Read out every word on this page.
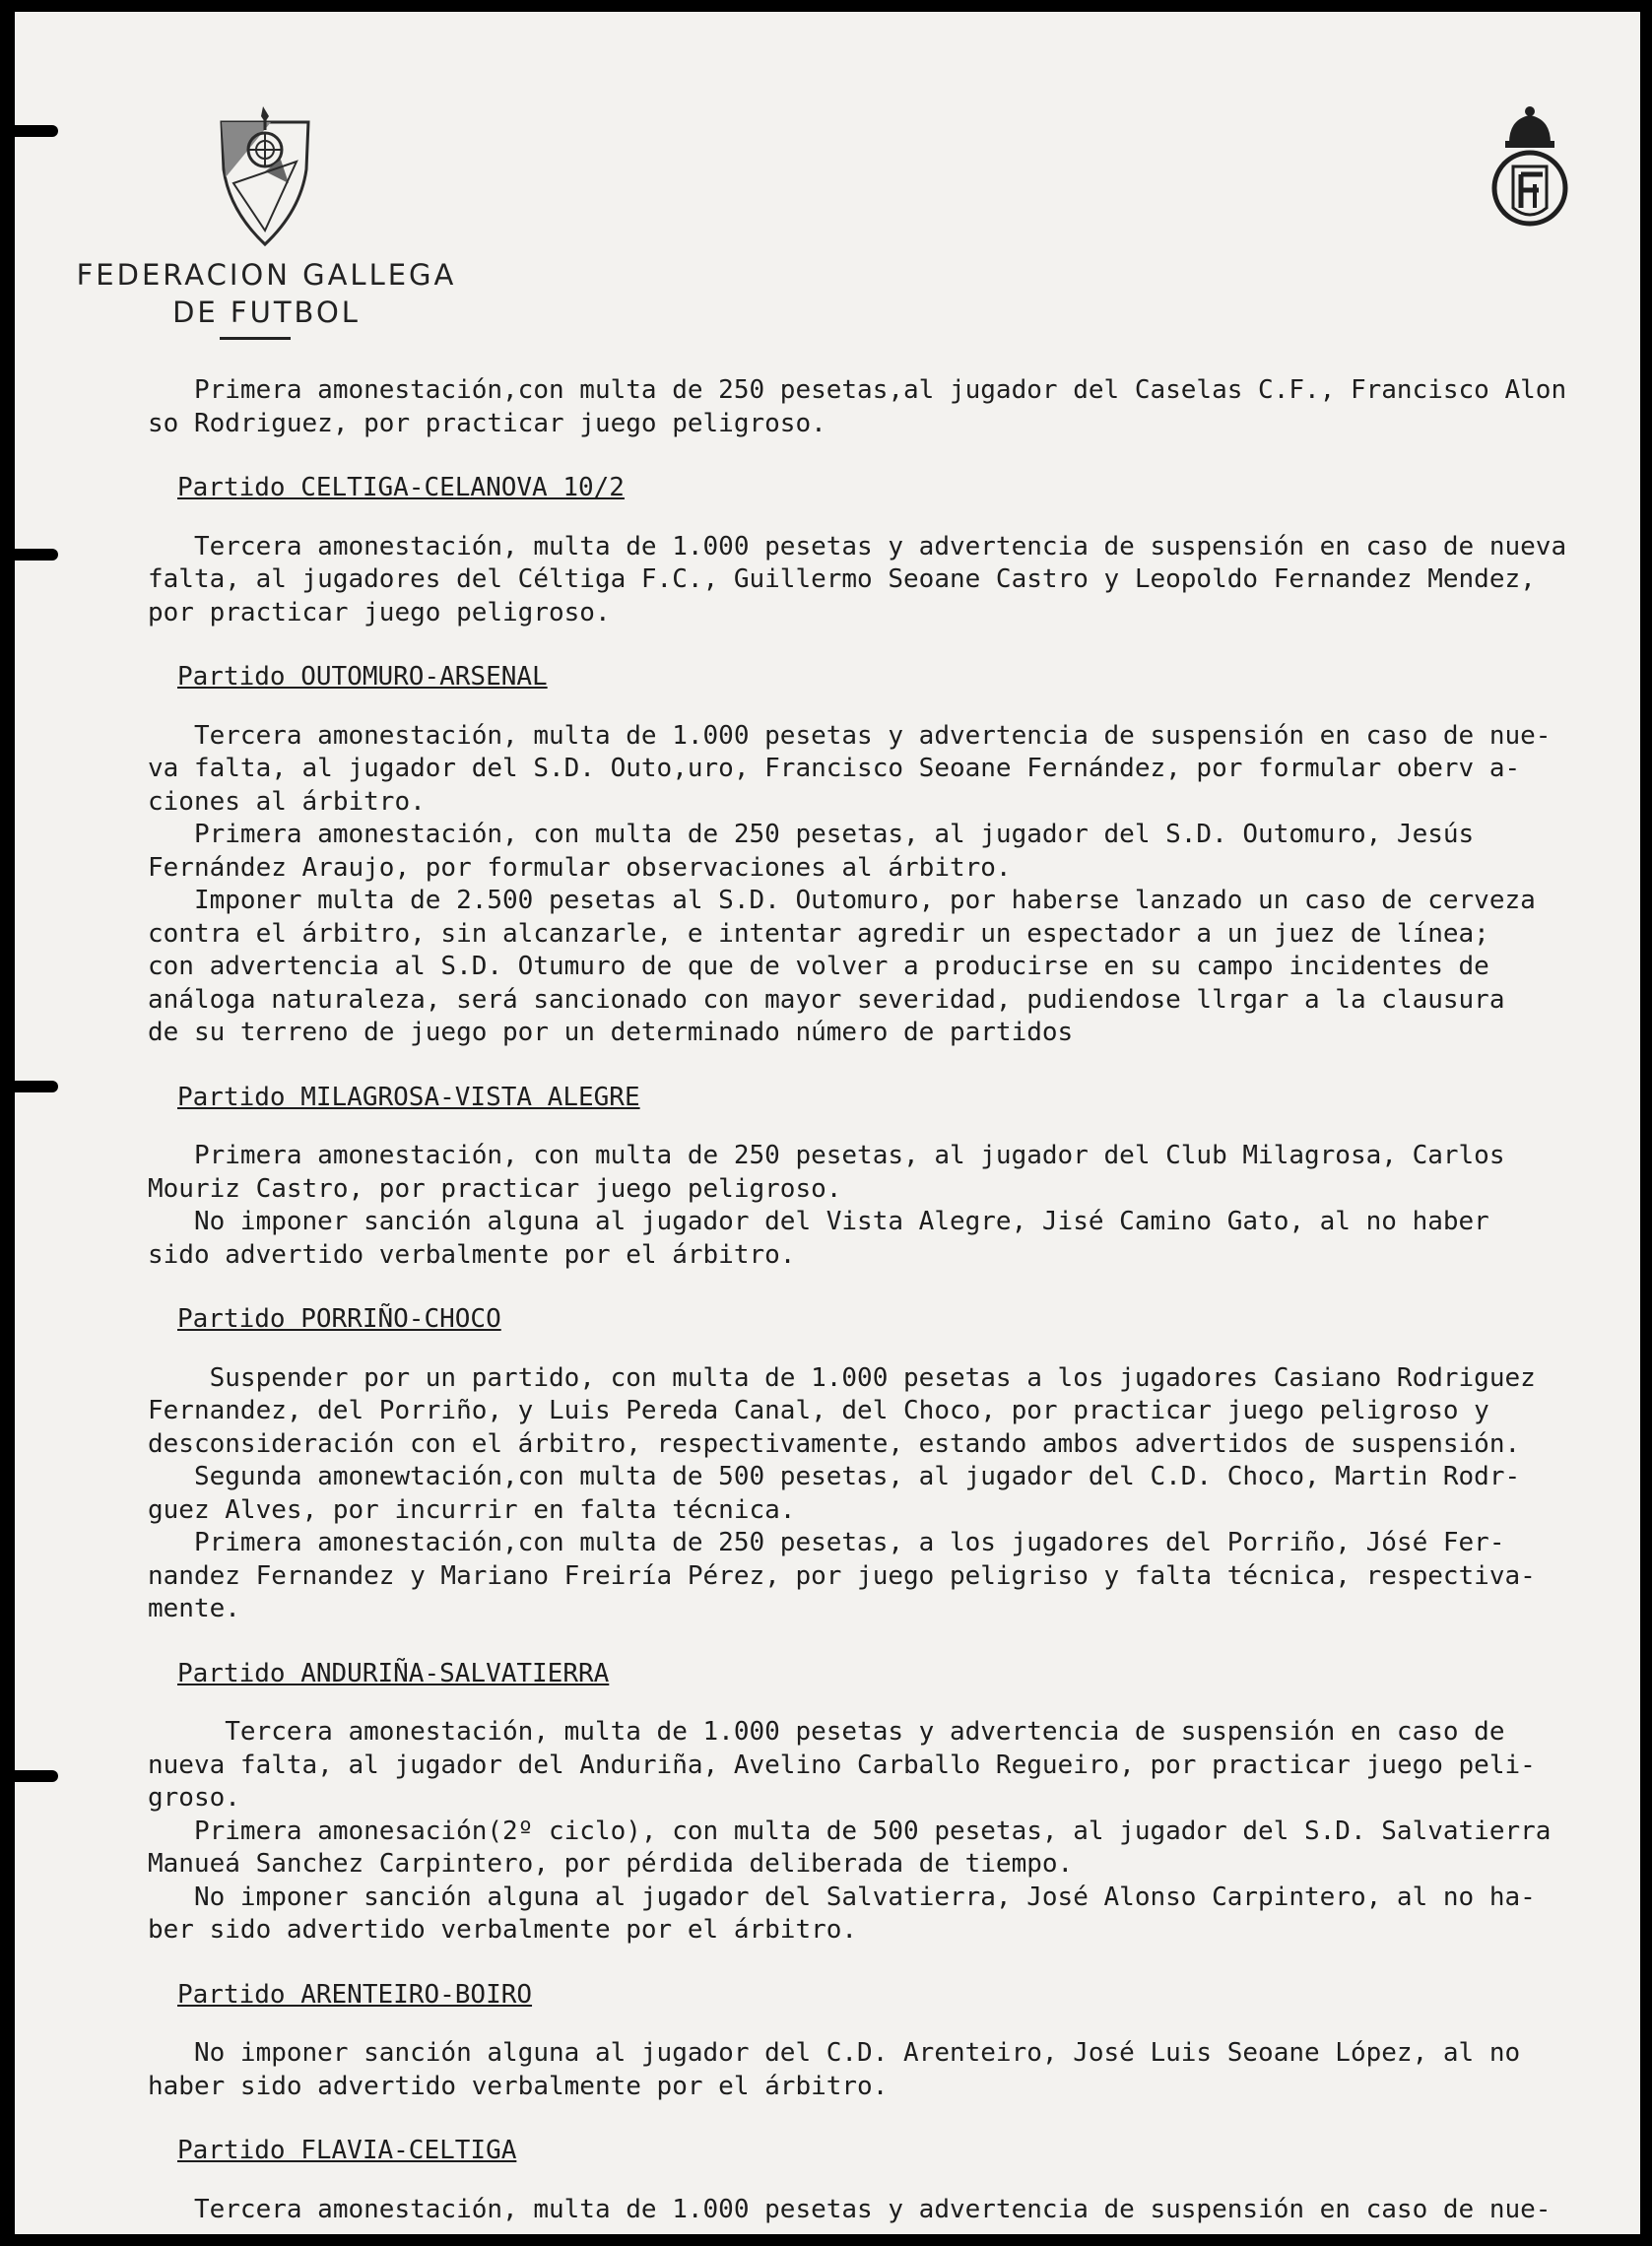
FEDERACION GALLEGA
DE FUTBOL
Primera amonestación,con multa de 250 pesetas,al jugador del Caselas C.F., Francisco Alon
so Rodriguez, por practicar juego peligroso.
Partido CELTIGA-CELANOVA 10/2
Tercera amonestación, multa de 1.000 pesetas y advertencia de suspensión en caso de nueva
falta, al jugadores del Céltiga F.C., Guillermo Seoane Castro y Leopoldo Fernandez Mendez,
por practicar juego peligroso.
Partido OUTOMURO-ARSENAL
Tercera amonestación, multa de 1.000 pesetas y advertencia de suspensión en caso de nue-
va falta, al jugador del S.D. Outo,uro, Francisco Seoane Fernández, por formular oberv a-
ciones al árbitro.
Primera amonestación, con multa de 250 pesetas, al jugador del S.D. Outomuro, Jesús
Fernández Araujo, por formular observaciones al árbitro.
Imponer multa de 2.500 pesetas al S.D. Outomuro, por haberse lanzado un caso de cerveza
contra el árbitro, sin alcanzarle, e intentar agredir un espectador a un juez de línea;
con advertencia al S.D. Otumuro de que de volver a producirse en su campo incidentes de
análoga naturaleza, será sancionado con mayor severidad, pudiendose llrgar a la clausura
de su terreno de juego por un determinado número de partidos
Partido MILAGROSA-VISTA ALEGRE
Primera amonestación, con multa de 250 pesetas, al jugador del Club Milagrosa, Carlos
Mouriz Castro, por practicar juego peligroso.
No imponer sanción alguna al jugador del Vista Alegre, Jisé Camino Gato, al no haber
sido advertido verbalmente por el árbitro.
Partido PORRIÑO-CHOCO
Suspender por un partido, con multa de 1.000 pesetas a los jugadores Casiano Rodriguez
Fernandez, del Porriño, y Luis Pereda Canal, del Choco, por practicar juego peligroso y
desconsideración con el árbitro, respectivamente, estando ambos advertidos de suspensión.
Segunda amonewtación,con multa de 500 pesetas, al jugador del C.D. Choco, Martin Rodr-
guez Alves, por incurrir en falta técnica.
Primera amonestación,con multa de 250 pesetas, a los jugadores del Porriño, Jósé Fer-
nandez Fernandez y Mariano Freiría Pérez, por juego peligriso y falta técnica, respectiva-
mente.
Partido ANDURIÑA-SALVATIERRA
Tercera amonestación, multa de 1.000 pesetas y advertencia de suspensión en caso de
nueva falta, al jugador del Anduriña, Avelino Carballo Regueiro, por practicar juego peli-
groso.
Primera amonesación(2º ciclo), con multa de 500 pesetas, al jugador del S.D. Salvatierra
Manueá Sanchez Carpintero, por pérdida deliberada de tiempo.
No imponer sanción alguna al jugador del Salvatierra, José Alonso Carpintero, al no ha-
ber sido advertido verbalmente por el árbitro.
Partido ARENTEIRO-BOIRO
No imponer sanción alguna al jugador del C.D. Arenteiro, José Luis Seoane López, al no
haber sido advertido verbalmente por el árbitro.
Partido FLAVIA-CELTIGA
Tercera amonestación, multa de 1.000 pesetas y advertencia de suspensión en caso de nue-
